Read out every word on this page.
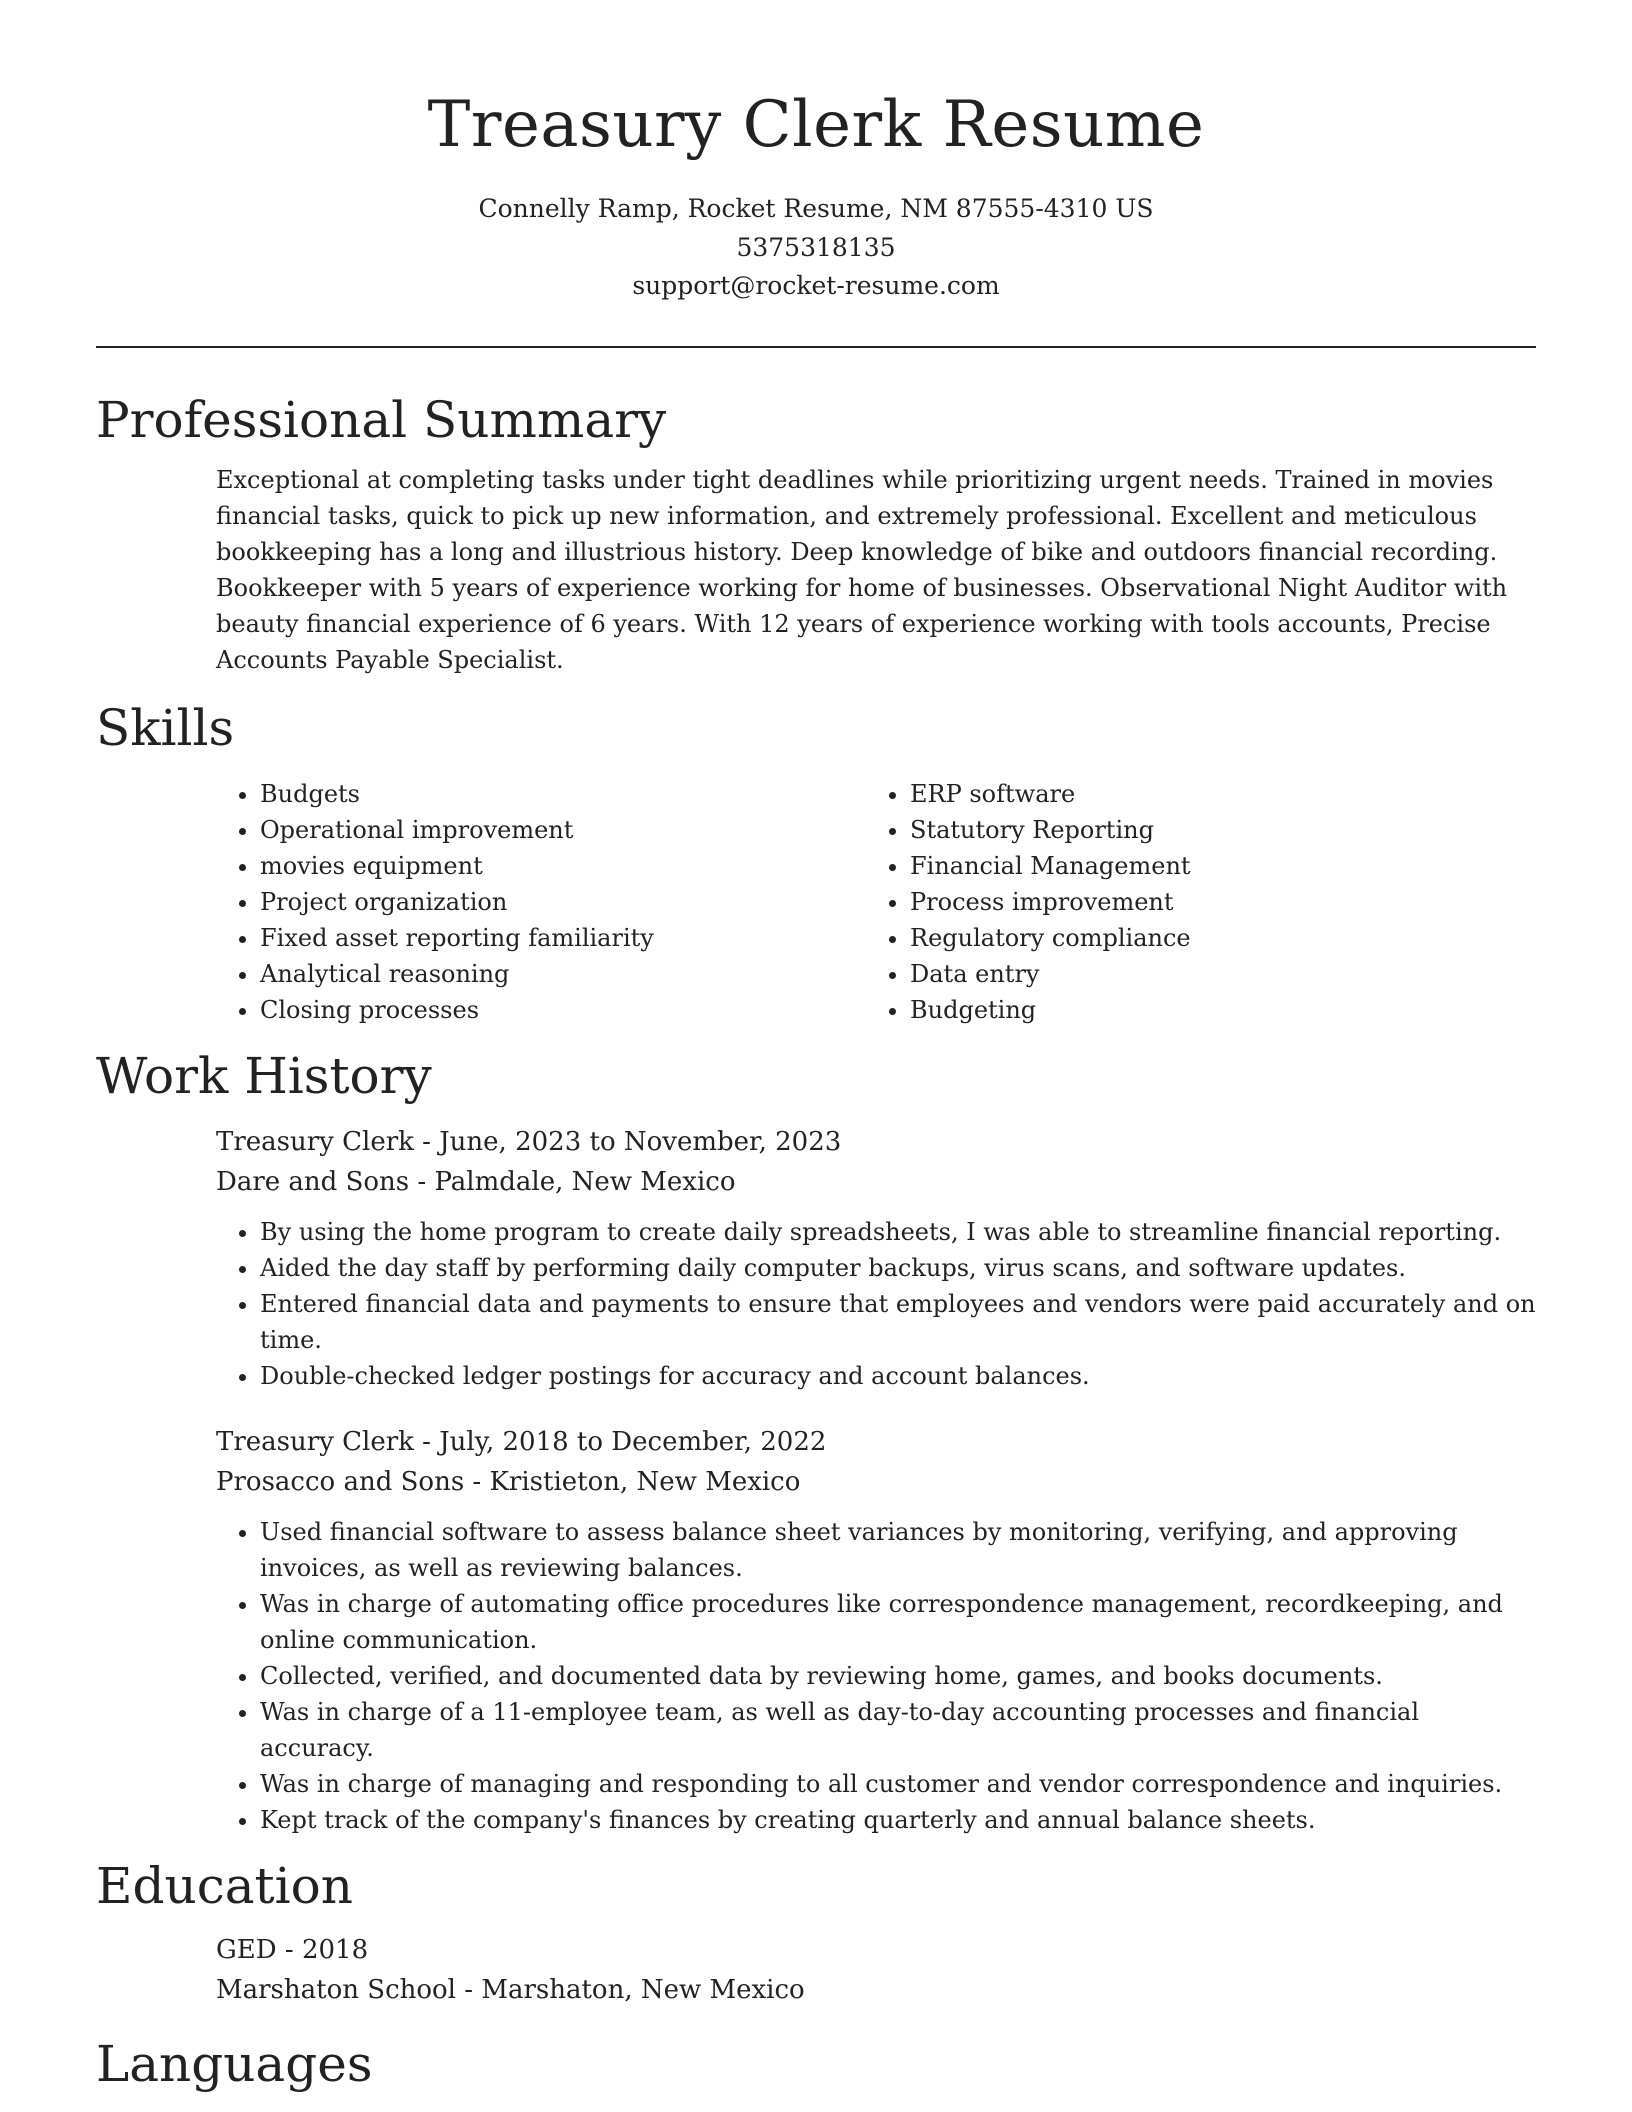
Treasury Clerk Resume
Connelly Ramp, Rocket Resume, NM 87555-4310 US
5375318135
support@rocket-resume.com
Professional Summary

Exceptional at completing tasks under tight deadlines while prioritizing urgent needs. Trained in movies financial tasks, quick to pick up new information, and extremely professional. Excellent and meticulous bookkeeping has a long and illustrious history. Deep knowledge of bike and outdoors financial recording. Bookkeeper with 5 years of experience working for home of businesses. Observational Night Auditor with beauty financial experience of 6 years. With 12 years of experience working with tools accounts, Precise Accounts Payable Specialist.

Skills
• Budgets
• Operational improvement
• movies equipment
• Project organization
• Fixed asset reporting familiarity
• Analytical reasoning
• Closing processes
• ERP software
• Statutory Reporting
• Financial Management
• Process improvement
• Regulatory compliance
• Data entry
• Budgeting
Work History
Treasury Clerk - June, 2023 to November, 2023
Dare and Sons - Palmdale, New Mexico
• By using the home program to create daily spreadsheets, I was able to streamline financial reporting.
• Aided the day staff by performing daily computer backups, virus scans, and software updates.
• Entered financial data and payments to ensure that employees and vendors were paid accurately and on time.
• Double-checked ledger postings for accuracy and account balances.
Treasury Clerk - July, 2018 to December, 2022
Prosacco and Sons - Kristieton, New Mexico
• Used financial software to assess balance sheet variances by monitoring, verifying, and approving invoices, as well as reviewing balances.
• Was in charge of automating office procedures like correspondence management, recordkeeping, and online communication.
• Collected, verified, and documented data by reviewing home, games, and books documents.
• Was in charge of a 11-employee team, as well as day-to-day accounting processes and financial accuracy.
• Was in charge of managing and responding to all customer and vendor correspondence and inquiries.
• Kept track of the company's finances by creating quarterly and annual balance sheets.
Education
GED - 2018
Marshaton School - Marshaton, New Mexico
Languages
